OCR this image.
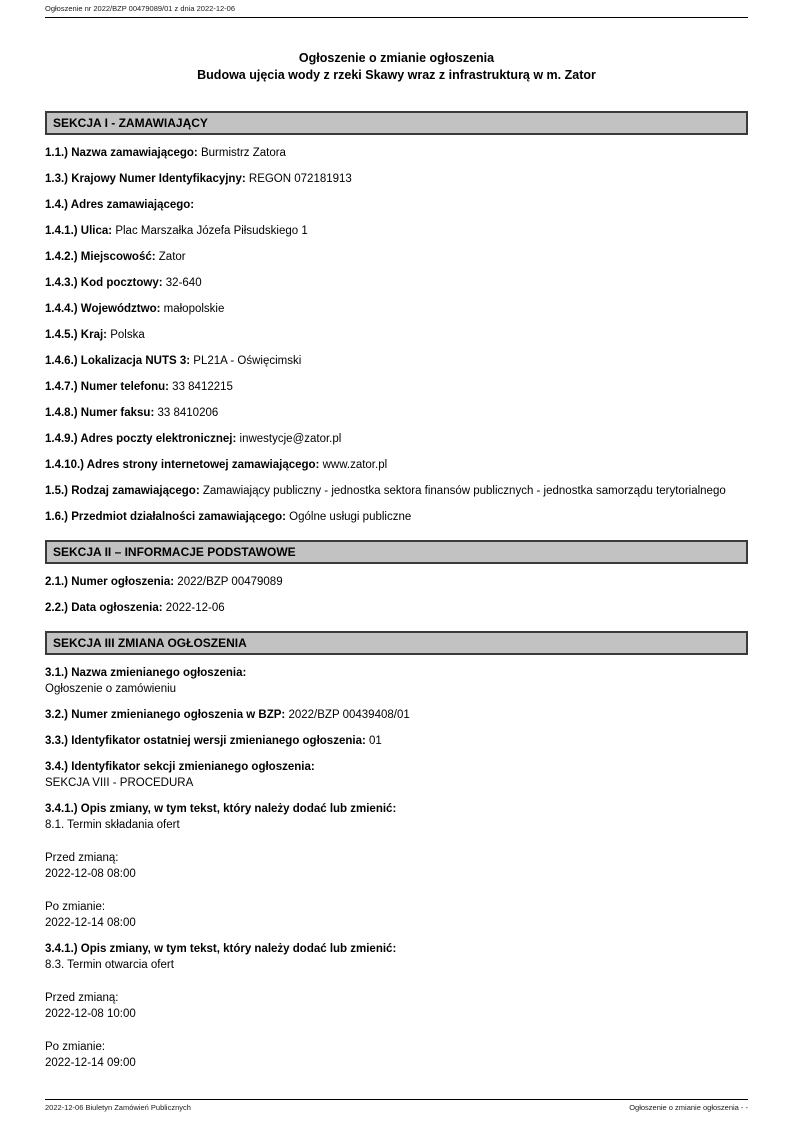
Ogłoszenie nr 2022/BZP 00479089/01 z dnia 2022-12-06
Ogłoszenie o zmianie ogłoszenia
Budowa ujęcia wody z rzeki Skawy wraz z infrastrukturą w m. Zator
SEKCJA I - ZAMAWIAJĄCY

1.1.) Nazwa zamawiającego: Burmistrz Zatora

1.3.) Krajowy Numer Identyfikacyjny: REGON 072181913

1.4.) Adres zamawiającego:

1.4.1.) Ulica: Plac Marszałka Józefa Piłsudskiego 1

1.4.2.) Miejscowość: Zator

1.4.3.) Kod pocztowy: 32-640

1.4.4.) Województwo: małopolskie

1.4.5.) Kraj: Polska

1.4.6.) Lokalizacja NUTS 3: PL21A - Oświęcimski

1.4.7.) Numer telefonu: 33 8412215

1.4.8.) Numer faksu: 33 8410206

1.4.9.) Adres poczty elektronicznej: inwestycje@zator.pl

1.4.10.) Adres strony internetowej zamawiającego: www.zator.pl

1.5.) Rodzaj zamawiającego: Zamawiający publiczny - jednostka sektora finansów publicznych - jednostka samorządu terytorialnego

1.6.) Przedmiot działalności zamawiającego: Ogólne usługi publiczne

SEKCJA II – INFORMACJE PODSTAWOWE

2.1.) Numer ogłoszenia: 2022/BZP 00479089

2.2.) Data ogłoszenia: 2022-12-06

SEKCJA III ZMIANA OGŁOSZENIA

3.1.) Nazwa zmienianego ogłoszenia:
Ogłoszenie o zamówieniu

3.2.) Numer zmienianego ogłoszenia w BZP: 2022/BZP 00439408/01

3.3.) Identyfikator ostatniej wersji zmienianego ogłoszenia: 01

3.4.) Identyfikator sekcji zmienianego ogłoszenia:
SEKCJA VIII - PROCEDURA

3.4.1.) Opis zmiany, w tym tekst, który należy dodać lub zmienić:
8.1. Termin składania ofert

Przed zmianą:
2022-12-08 08:00

Po zmianie:
2022-12-14 08:00

3.4.1.) Opis zmiany, w tym tekst, który należy dodać lub zmienić:
8.3. Termin otwarcia ofert

Przed zmianą:
2022-12-08 10:00

Po zmianie:
2022-12-14 09:00

2022-12-06 Biuletyn Zamówień Publicznych	Ogłoszenie o zmianie ogłoszenia - -
